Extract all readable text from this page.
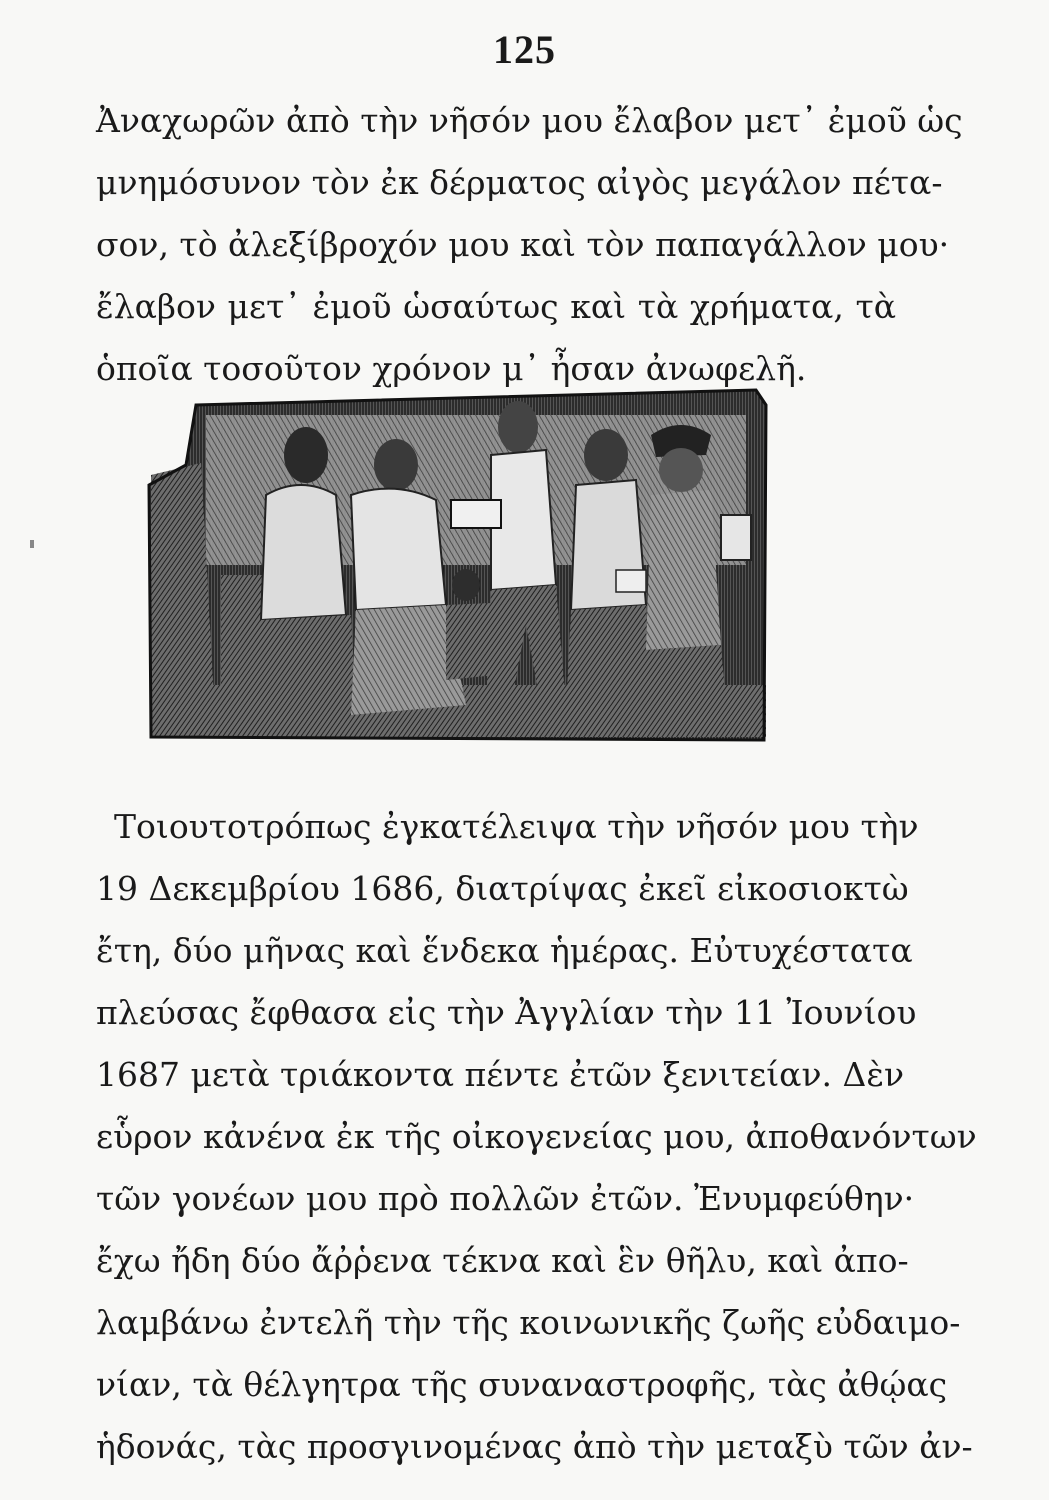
125
Ἀναχωρῶν ἀπὸ τὴν νῆσόν μου ἔλαβον μετ᾿ ἐμοῦ ὡς
μνημόσυνον τὸν ἐκ δέρματος αἰγὸς μεγάλον πέτα-
σον, τὸ ἀλεξίβροχόν μου καὶ τὸν παπαγάλλον μου·
ἔλαβον μετ᾿ ἐμοῦ ὡσαύτως καὶ τὰ χρήματα, τὰ
ὁποῖα τοσοῦτον χρόνον μ᾿ ἦσαν ἀνωφελῆ.
Τοιουτοτρόπως ἐγκατέλειψα τὴν νῆσόν μου τὴν
19 Δεκεμβρίου 1686, διατρίψας ἐκεῖ εἰκοσιοκτὼ
ἔτη, δύο μῆνας καὶ ἕνδεκα ἡμέρας. Εὐτυχέστατα
πλεύσας ἔφθασα εἰς τὴν Ἀγγλίαν τὴν 11 Ἰουνίου
1687 μετὰ τριάκοντα πέντε ἐτῶν ξενιτείαν. Δὲν
εὗρον κἀνένα ἐκ τῆς οἰκογενείας μου, ἀποθανόντων
τῶν γονέων μου πρὸ πολλῶν ἐτῶν. Ἐνυμφεύθην·
ἔχω ἤδη δύο ἄῤῥενα τέκνα καὶ ἓν θῆλυ, καὶ ἀπο-
λαμβάνω ἐντελῆ τὴν τῆς κοινωνικῆς ζωῆς εὐδαιμο-
νίαν, τὰ θέλγητρα τῆς συναναστροφῆς, τὰς ἀθῴας
ἡδονάς, τὰς προσγινομένας ἀπὸ τὴν μεταξὺ τῶν ἀν-
